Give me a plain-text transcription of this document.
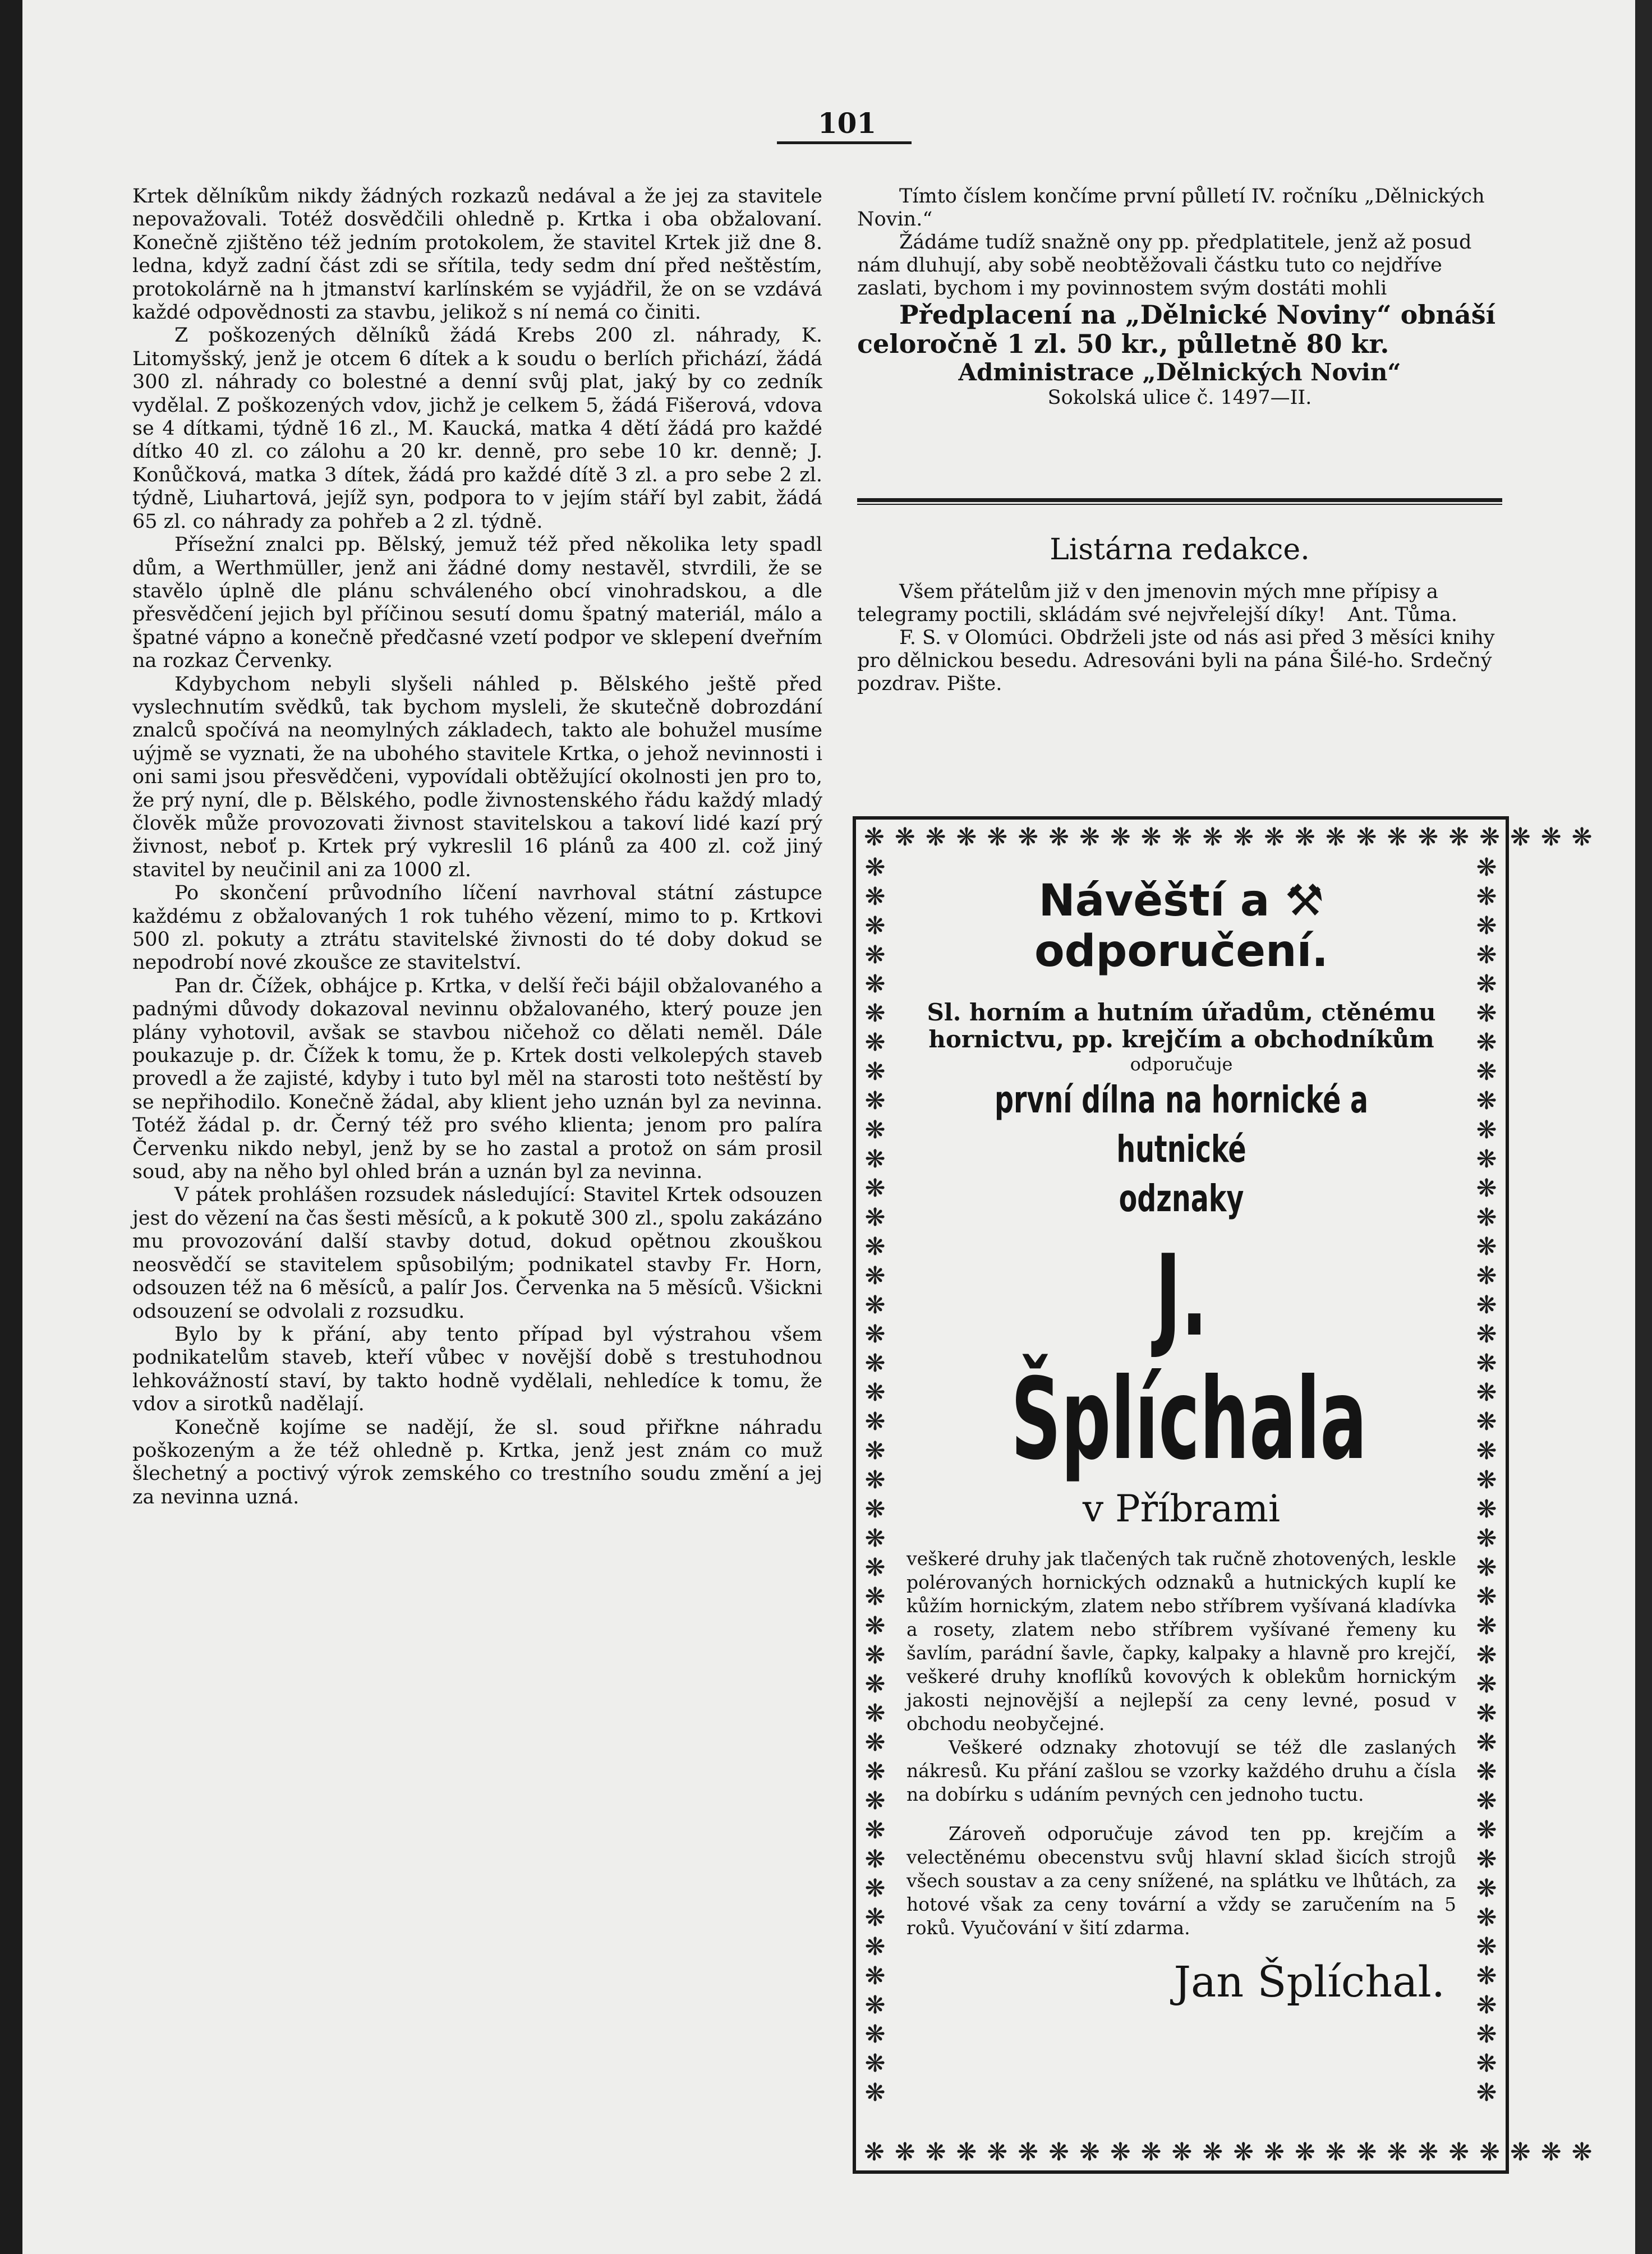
101

Krtek dělníkům nikdy žádných rozkazů nedával a že jej za stavitele nepovažovali. Totéž dosvědčili ohledně p. Krtka i oba obžalovaní. Konečně zjištěno též jedním protokolem, že stavitel Krtek již dne 8. ledna, když zadní část zdi se sřítila, tedy sedm dní před neštěstím, protokolárně na h jtmanství karlínském se vyjádřil, že on se vzdává každé odpovědnosti za stavbu, jelikož s ní nemá co činiti.

Z poškozených dělníků žádá Krebs 200 zl. náhrady, K. Litomyšský, jenž je otcem 6 dítek a k soudu o berlích přichází, žádá 300 zl. náhrady co bolestné a denní svůj plat, jaký by co zedník vydělal. Z poškozených vdov, jichž je celkem 5, žádá Fišerová, vdova se 4 dítkami, týdně 16 zl., M. Kaucká, matka 4 dětí žádá pro každé dítko 40 zl. co zálohu a 20 kr. denně, pro sebe 10 kr. denně; J. Konůčková, matka 3 dítek, žádá pro každé dítě 3 zl. a pro sebe 2 zl. týdně, Liuhartová, jejíž syn, podpora to v jejím stáří byl zabit, žádá 65 zl. co náhrady za pohřeb a 2 zl. týdně.

Přísežní znalci pp. Bělský, jemuž též před několika lety spadl dům, a Werthmüller, jenž ani žádné domy nestavěl, stvrdili, že se stavělo úplně dle plánu schváleného obcí vinohradskou, a dle přesvědčení jejich byl příčinou sesutí domu špatný materiál, málo a špatné vápno a konečně předčasné vzetí podpor ve sklepení dveřním na rozkaz Červenky.

Kdybychom nebyli slyšeli náhled p. Bělského ještě před vyslechnutím svědků, tak bychom mysleli, že skutečně dobrozdání znalců spočívá na neomylných základech, takto ale bohužel musíme uýjmě se vyznati, že na ubohého stavitele Krtka, o jehož nevinnosti i oni sami jsou přesvědčeni, vypovídali obtěžující okolnosti jen pro to, že prý nyní, dle p. Bělského, podle živnostenského řádu každý mladý člověk může provozovati živnost stavitelskou a takoví lidé kazí prý živnost, neboť p. Krtek prý vykreslil 16 plánů za 400 zl. což jiný stavitel by neučinil ani za 1000 zl.

Po skončení průvodního líčení navrhoval státní zástupce každému z obžalovaných 1 rok tuhého vězení, mimo to p. Krtkovi 500 zl. pokuty a ztrátu stavitelské živnosti do té doby dokud se nepodrobí nové zkoušce ze stavitelství.

Pan dr. Čížek, obhájce p. Krtka, v delší řeči bájil obžalovaného a padnými důvody dokazoval nevinnu obžalovaného, který pouze jen plány vyhotovil, avšak se stavbou ničehož co dělati neměl. Dále poukazuje p. dr. Čížek k tomu, že p. Krtek dosti velkolepých staveb provedl a že zajisté, kdyby i tuto byl měl na starosti toto neštěstí by se nepřihodilo. Konečně žádal, aby klient jeho uznán byl za nevinna. Totéž žádal p. dr. Černý též pro svého klienta; jenom pro palíra Červenku nikdo nebyl, jenž by se ho zastal a protož on sám prosil soud, aby na něho byl ohled brán a uznán byl za nevinna.

V pátek prohlášen rozsudek následující: Stavitel Krtek odsouzen jest do vězení na čas šesti měsíců, a k pokutě 300 zl., spolu zakázáno mu provozování další stavby dotud, dokud opětnou zkouškou neosvědčí se stavitelem spůsobilým; podnikatel stavby Fr. Horn, odsouzen též na 6 měsíců, a palír Jos. Červenka na 5 měsíců. Všickni odsouzení se odvolali z rozsudku.

Bylo by k přání, aby tento případ byl výstrahou všem podnikatelům staveb, kteří vůbec v novější době s trestuhodnou lehkovážností staví, by takto hodně vydělali, nehledíce k tomu, že vdov a sirotků nadělají.

Konečně kojíme se nadějí, že sl. soud přiřkne náhradu poškozeným a že též ohledně p. Krtka, jenž jest znám co muž šlechetný a poctivý výrok zemského co trestního soudu změní a jej za nevinna uzná.

Tímto číslem končíme první půlletí IV. ročníku „Dělnických Novin.“

Žádáme tudíž snažně ony pp. předplatitele, jenž až posud nám dluhují, aby sobě neobtěžovali částku tuto co nejdříve zaslati, bychom i my povinnostem svým dostáti mohli

Předplacení na „Dělnické Noviny“ obnáší celoročně 1 zl. 50 kr., půlletně 80 kr.

Administrace „Dělnických Novin“

Sokolská ulice č. 1497—II.

Listárna redakce.

Všem přátelům již v den jmenovin mých mne přípisy a telegramy poctili, skládám své nejvřelejší díky!	Ant. Tůma.

F. S. v Olomúci. Obdrželi jste od nás asi před 3 měsíci knihy pro dělnickou besedu. Adresováni byli na pána Šilé-ho. Srdečný pozdrav. Pište.

❋ ❋ ❋ ❋ ❋ ❋ ❋ ❋ ❋ ❋ ❋ ❋ ❋ ❋ ❋ ❋ ❋ ❋ ❋ ❋ ❋ ❋ ❋ ❋
❋ ❋ ❋ ❋ ❋ ❋ ❋ ❋ ❋ ❋ ❋ ❋ ❋ ❋ ❋ ❋ ❋ ❋ ❋ ❋ ❋ ❋ ❋ ❋
❋
❋
❋
❋
❋
❋
❋
❋
❋
❋
❋
❋
❋
❋
❋
❋
❋
❋
❋
❋
❋
❋
❋
❋
❋
❋
❋
❋
❋
❋
❋
❋
❋
❋
❋
❋
❋
❋
❋
❋
❋
❋
❋
❋
❋
❋
❋
❋
❋
❋
❋
❋
❋
❋
❋
❋
❋
❋
❋
❋
❋
❋
❋
❋
❋
❋
❋
❋
❋
❋
❋
❋
❋
❋
❋
❋
❋
❋
❋
❋
❋
❋
❋
❋
❋
❋
Návěští a ⚒ odporučení.

Sl. horním a hutním úřadům, ctěnému hornictvu, pp. krejčím a obchodníkům

odporučuje

první dílna na hornické a hutnické

odznaky

J. Šplíchala

v Příbrami

veškeré druhy jak tlačených tak ručně zhotovených, leskle polérovaných hornických odznaků a hutnických kuplí ke kůžím hornickým, zlatem nebo stříbrem vyšívaná kladívka a rosety, zlatem nebo stříbrem vyšívané řemeny ku šavlím, parádní šavle, čapky, kalpaky a hlavně pro krejčí, veškeré druhy knoflíků kovových k oblekům hornickým jakosti nejnovější a nejlepší za ceny levné, posud v obchodu neobyčejné.

Veškeré odznaky zhotovují se též dle zaslaných nákresů. Ku přání zašlou se vzorky každého druhu a čísla na dobírku s udáním pevných cen jednoho tuctu.

Zároveň odporučuje závod ten pp. krejčím a velectěnému obecenstvu svůj hlavní sklad šicích strojů všech soustav a za ceny snížené, na splátku ve lhůtách, za hotové však za ceny tovární a vždy se zaručením na 5 roků. Vyučování v šití zdarma.

Jan Šplíchal.
